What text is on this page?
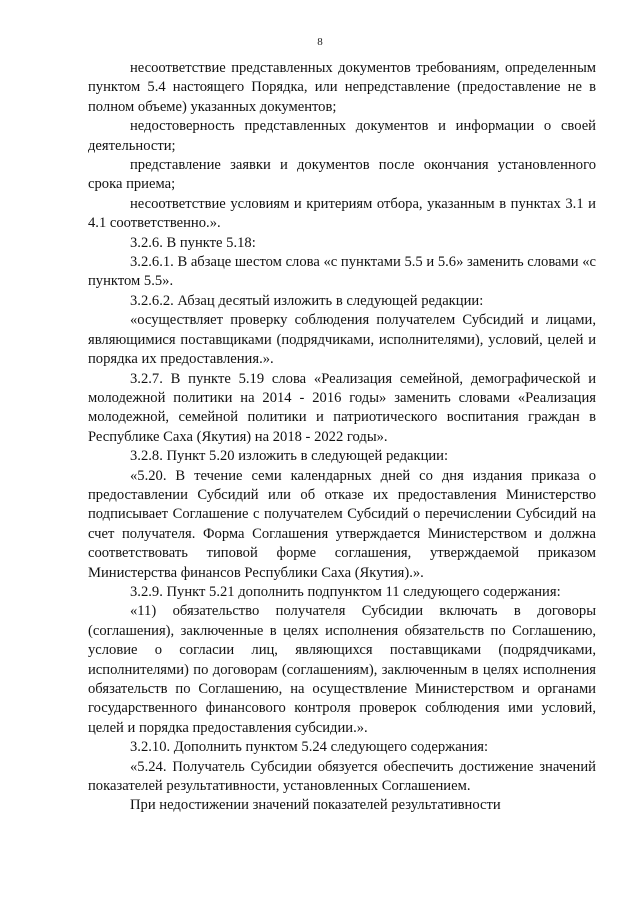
8

несоответствие представленных документов требованиям, определенным пунктом 5.4 настоящего Порядка, или непредставление (предоставление не в полном объеме) указанных документов;

недостоверность представленных документов и информации о своей деятельности;

представление заявки и документов после окончания установленного срока приема;

несоответствие условиям и критериям отбора, указанным в пунктах 3.1 и 4.1 соответственно.».

3.2.6. В пункте 5.18:

3.2.6.1. В абзаце шестом слова «с пунктами 5.5 и 5.6» заменить словами «с пунктом 5.5».

3.2.6.2. Абзац десятый изложить в следующей редакции:

«осуществляет проверку соблюдения получателем Субсидий и лицами, являющимися поставщиками (подрядчиками, исполнителями), условий, целей и порядка их предоставления.».

3.2.7. В пункте 5.19 слова «Реализация семейной, демографической и молодежной политики на 2014 - 2016 годы» заменить словами «Реализация молодежной, семейной политики и патриотического воспитания граждан в Республике Саха (Якутия) на 2018 - 2022 годы».

3.2.8. Пункт 5.20 изложить в следующей редакции:

«5.20. В течение семи календарных дней со дня издания приказа о предоставлении Субсидий или об отказе их предоставления Министерство подписывает Соглашение с получателем Субсидий о перечислении Субсидий на счет получателя. Форма Соглашения утверждается Министерством и должна соответствовать типовой форме соглашения, утверждаемой приказом Министерства финансов Республики Саха (Якутия).».

3.2.9. Пункт 5.21 дополнить подпунктом 11 следующего содержания:

«11) обязательство получателя Субсидии включать в договоры (соглашения), заключенные в целях исполнения обязательств по Соглашению, условие о согласии лиц, являющихся поставщиками (подрядчиками, исполнителями) по договорам (соглашениям), заключенным в целях исполнения обязательств по Соглашению, на осуществление Министерством и органами государственного финансового контроля проверок соблюдения ими условий, целей и порядка предоставления субсидии.».

3.2.10. Дополнить пунктом 5.24 следующего содержания:

«5.24. Получатель Субсидии обязуется обеспечить достижение значений показателей результативности, установленных Соглашением.

При недостижении значений показателей результативности
